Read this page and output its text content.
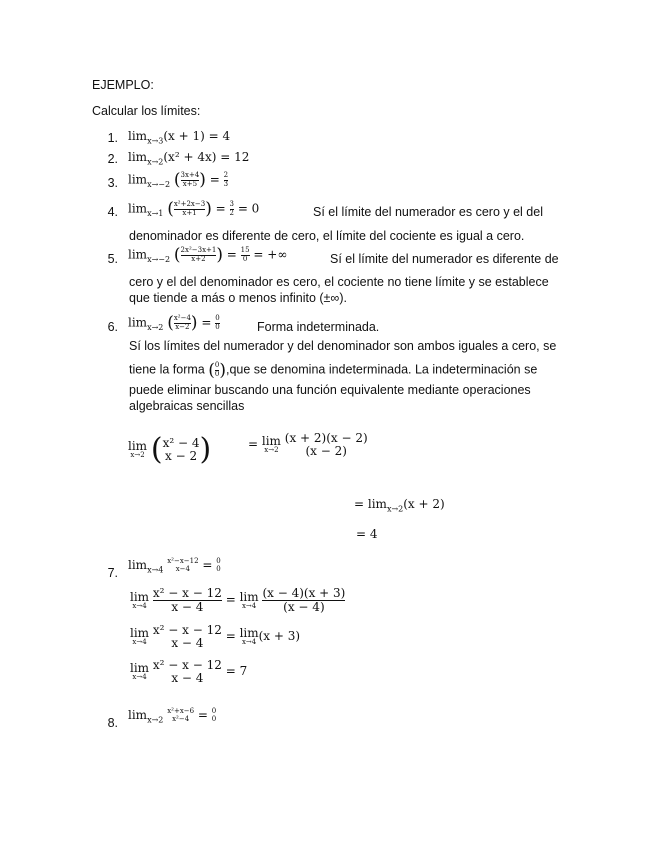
EJEMPLO:
Calcular los límites:
1. $\lim_{x\to 3}(x + 1) = 4$
2. $\lim_{x\to 2}(x^2 + 4x) = 12$
3. $\lim_{x\to-2}$ ( $\frac{3x+4}{x+5}$ ) = $\frac{2}{3}$
4. $\lim_{x\to 1}$ ( $\frac{\text{x²+2x−3}}{x+1}$ ) = $\frac{3}{2} = 0$	Sí el límite del numerador es cero y el del
denominador es diferente de cero, el límite del cociente es igual a cero.
5. $\lim_{x\to-2}$ ( $\frac{\text{2x²−3x+1}}{x+2}$ ) = $\frac{15}{0}$ = +∞	Sí el límite del numerador es diferente de
cero y el del denominador es cero, el cociente no tiene límite y se establece
que tiende a más o menos infinito (±∞).
6. $\lim_{x\to 2}$ ( $\frac{\text{x²−4}}{x-2}$ ) = $\frac{0}{0}$	Forma indeterminada.
Sí los límites del numerador y del denominador son ambos iguales a cero, se
tiene la forma ( $\frac{0}{0} ),que$ se denomina indeterminada. La indeterminación se
puede eliminar buscando una función equivalente mediante operaciones
algebraicas sencillas
lim
x→2 ( x² − 4
x − 2 )	= lim
x→2

(x + 2)(x − 2)
(x − 2)
= $\lim_{x\to 2}(x + 2)$
= 4
7.
$\lim_{x\to 4}$
x²−x−12
x−4 = 0
0
lim
x→4
$\frac{\text{x² − x − 12}}{x - 4} = \lim$
x→4
$\frac{(x - 4)(x + 3)}{(x - 4)}$
lim
x→4

x² − x − 12
x − 4 = lim
x→4 (x + 3)
lim
x→4

x² − x − 12
x − 4 = 7
8.
$\lim_{x\to 2}$
x²+x−6
x²−4 = 0
0
